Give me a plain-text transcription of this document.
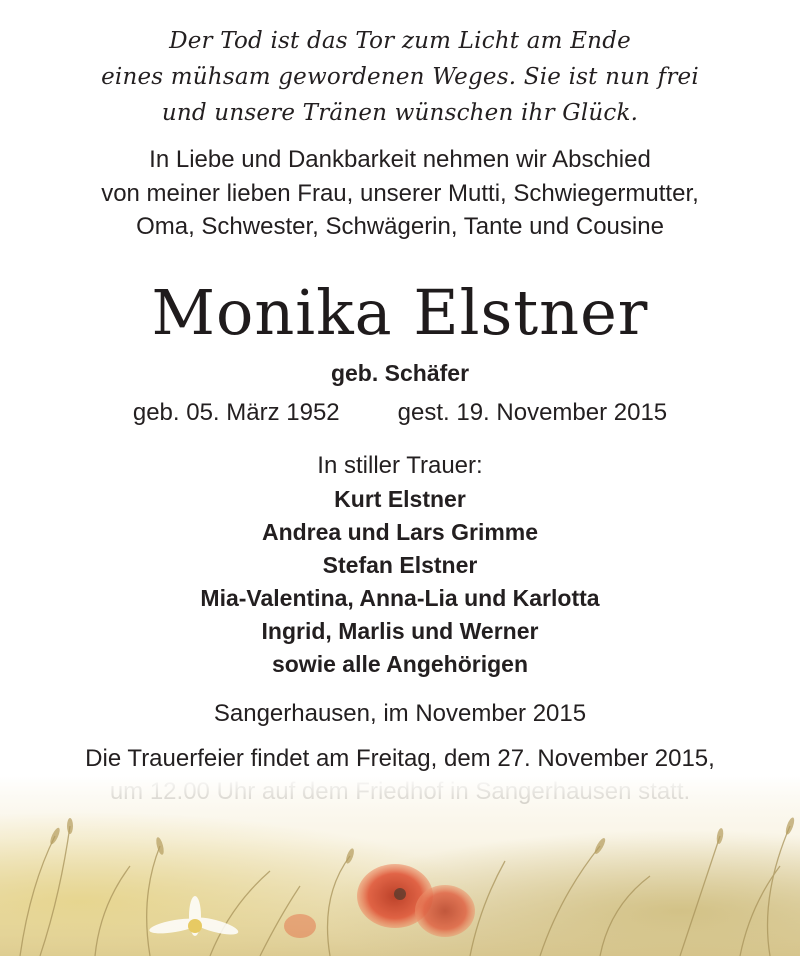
Der Tod ist das Tor zum Licht am Ende

eines mühsam gewordenen Weges. Sie ist nun frei

und unsere Tränen wünschen ihr Glück.

In Liebe und Dankbarkeit nehmen wir Abschied

von meiner lieben Frau, unserer Mutti, Schwiegermutter,

Oma, Schwester, Schwägerin, Tante und Cousine

Monika Elstner

geb. Schäfer

geb. 05. März 1952 gest. 19. November 2015

In stiller Trauer:

Kurt Elstner

Andrea und Lars Grimme

Stefan Elstner

Mia-Valentina, Anna-Lia und Karlotta

Ingrid, Marlis und Werner

sowie alle Angehörigen

Sangerhausen, im November 2015

Die Trauerfeier findet am Freitag, dem 27. November 2015,
